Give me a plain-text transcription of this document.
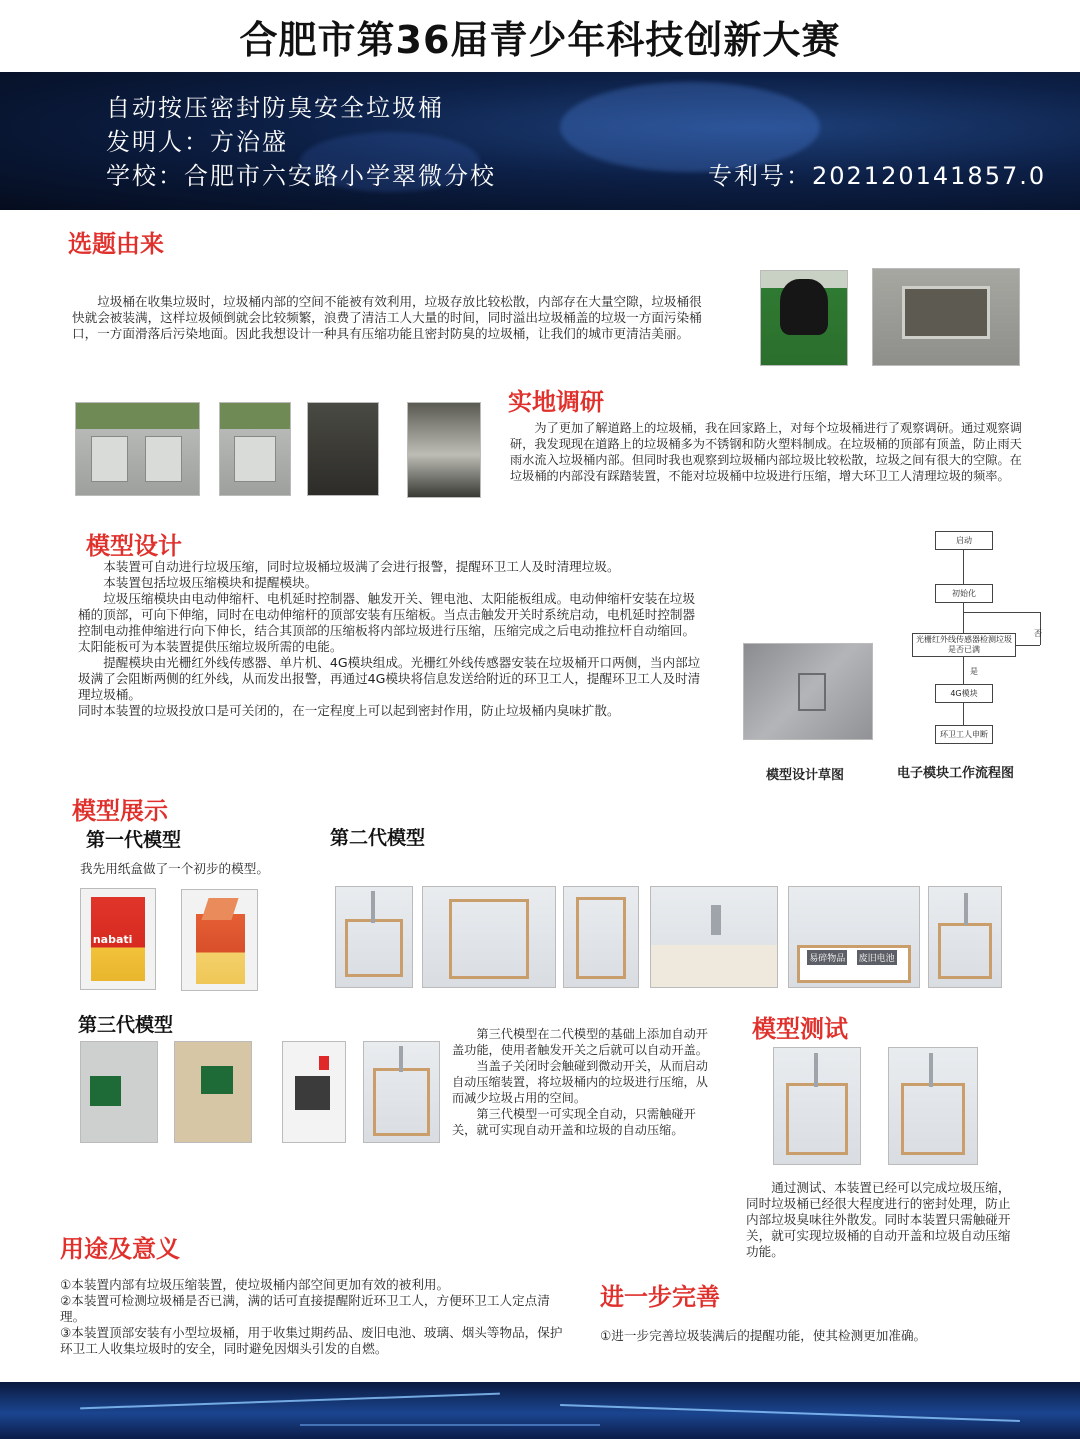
合肥市第36届青少年科技创新大赛
自动按压密封防臭安全垃圾桶
发明人：方治盛
学校：合肥市六安路小学翠微分校	专利号：202120141857.0
选题由来

垃圾桶在收集垃圾时，垃圾桶内部的空间不能被有效利用，垃圾存放比较松散，内部存在大量空隙，垃圾桶很快就会被装满，这样垃圾倾倒就会比较频繁，浪费了清洁工人大量的时间，同时溢出垃圾桶盖的垃圾一方面污染桶口，一方面滑落后污染地面。因此我想设计一种具有压缩功能且密封防臭的垃圾桶，让我们的城市更清洁美丽。

实地调研

为了更加了解道路上的垃圾桶，我在回家路上，对每个垃圾桶进行了观察调研。通过观察调研，我发现现在道路上的垃圾桶多为不锈钢和防火塑料制成。在垃圾桶的顶部有顶盖，防止雨天雨水流入垃圾桶内部。但同时我也观察到垃圾桶内部垃圾比较松散，垃圾之间有很大的空隙。在垃圾桶的内部没有踩踏装置，不能对垃圾桶中垃圾进行压缩，增大环卫工人清理垃圾的频率。

模型设计

本装置可自动进行垃圾压缩，同时垃圾桶垃圾满了会进行报警，提醒环卫工人及时清理垃圾。

本装置包括垃圾压缩模块和提醒模块。

垃圾压缩模块由电动伸缩杆、电机延时控制器、触发开关、锂电池、太阳能板组成。电动伸缩杆安装在垃圾桶的顶部，可向下伸缩，同时在电动伸缩杆的顶部安装有压缩板。当点击触发开关时系统启动，电机延时控制器控制电动推伸缩进行向下伸长，结合其顶部的压缩板将内部垃圾进行压缩，压缩完成之后电动推拉杆自动缩回。太阳能板可为本装置提供压缩垃圾所需的电能。

提醒模块由光栅红外线传感器、单片机、4G模块组成。光栅红外线传感器安装在垃圾桶开口两侧，当内部垃圾满了会阻断两侧的红外线，从而发出报警，再通过4G模块将信息发送给附近的环卫工人，提醒环卫工人及时清理垃圾桶。

同时本装置的垃圾投放口是可关闭的，在一定程度上可以起到密封作用，防止垃圾桶内臭味扩散。

启动
初始化
光栅红外线传感器检测垃圾是否已满
否
是
4G模块
环卫工人申断
模型设计草图	电子模块工作流程图
模型展示
第一代模型	第二代模型
我先用纸盒做了一个初步的模型。
nabati
易碎物品 废旧电池
第三代模型	第三代模型在二代模型的基础上添加自动开盖功能，使用者触发开关之后就可以自动开盖。

当盖子关闭时会触碰到微动开关，从而启动自动压缩装置，将垃圾桶内的垃圾进行压缩，从而减少垃圾占用的空间。

第三代模型一可实现全自动，只需触碰开关，就可实现自动开盖和垃圾的自动压缩。

模型测试

通过测试、本装置已经可以完成垃圾压缩，同时垃圾桶已经很大程度进行的密封处理，防止内部垃圾臭味往外散发。同时本装置只需触碰开关，就可实现垃圾桶的自动开盖和垃圾自动压缩功能。

用途及意义

①本装置内部有垃圾压缩装置，使垃圾桶内部空间更加有效的被利用。

②本装置可检测垃圾桶是否已满，满的话可直接提醒附近环卫工人，方便环卫工人定点清理。

③本装置顶部安装有小型垃圾桶，用于收集过期药品、废旧电池、玻璃、烟头等物品，保护环卫工人收集垃圾时的安全，同时避免因烟头引发的自燃。

进一步完善

①进一步完善垃圾装满后的提醒功能，使其检测更加准确。
